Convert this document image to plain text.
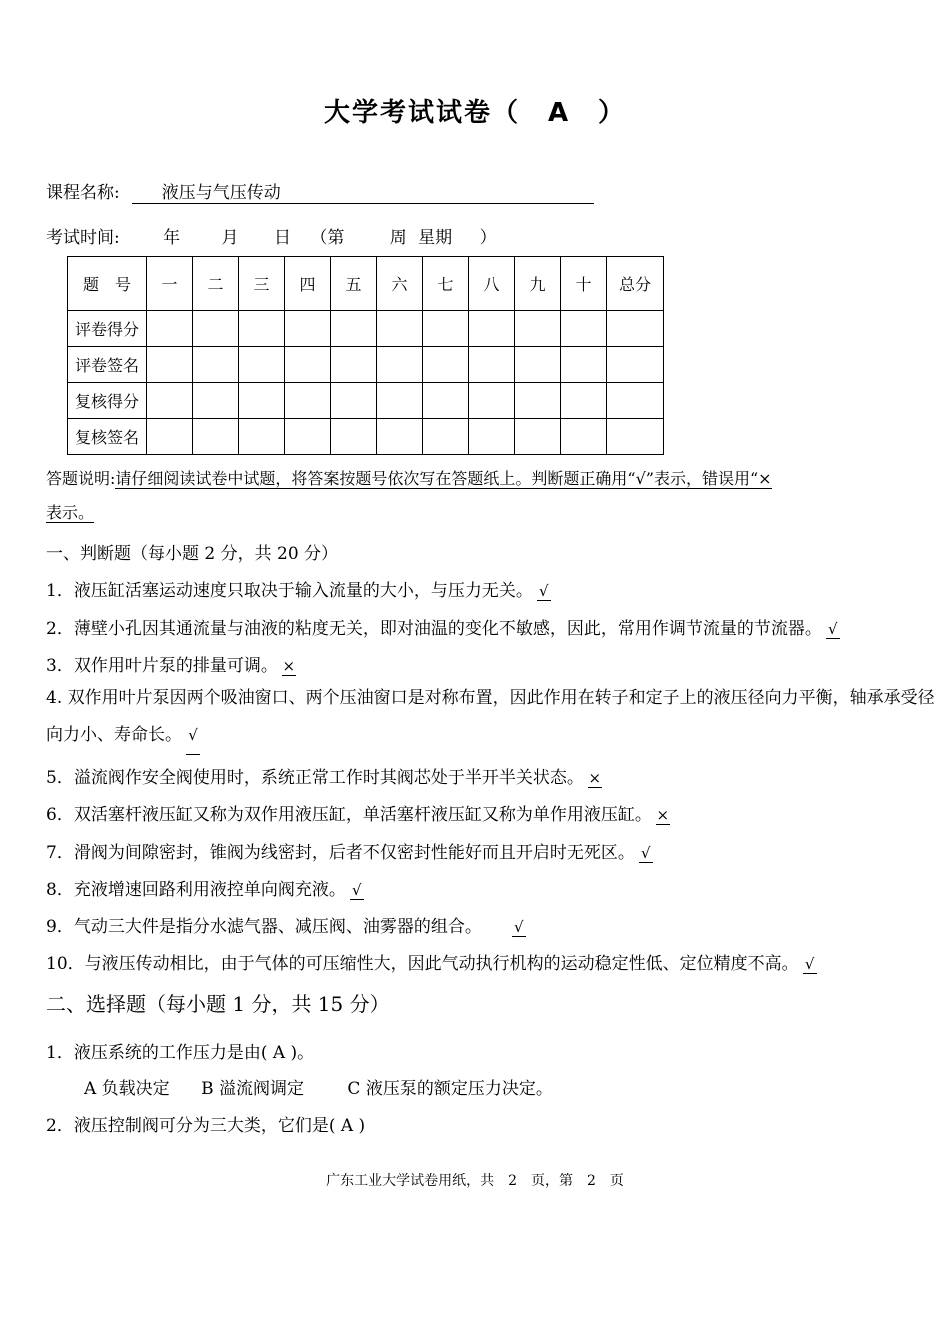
大学考试试卷（　A　）
课程名称: 液压与气压传动
考试时间:	年 月 日 （第	周 星期 ）
题　号	一	二	三	四	五	六	七	八	九	十	总分
评卷得分											
评卷签名											
复核得分											
复核签名											
答题说明:请仔细阅读试卷中试题，将答案按题号依次写在答题纸上。判断题正确用“√”表示，错误用“×
表示。
一、判断题（每小题 2 分，共 20 分）
1．液压缸活塞运动速度只取决于输入流量的大小，与压力无关。 √
2．薄壁小孔因其通流量与油液的粘度无关，即对油温的变化不敏感，因此，常用作调节流量的节流器。 √
3．双作用叶片泵的排量可调。 ×
4. 双作用叶片泵因两个吸油窗口、两个压油窗口是对称布置，因此作用在转子和定子上的液压径向力平衡，轴承承受径向力小、寿命长。 √
5．溢流阀作安全阀使用时，系统正常工作时其阀芯处于半开半关状态。 ×
6．双活塞杆液压缸又称为双作用液压缸，单活塞杆液压缸又称为单作用液压缸。 ×
7．滑阀为间隙密封，锥阀为线密封，后者不仅密封性能好而且开启时无死区。 √
8．充液增速回路利用液控单向阀充液。 √
9．气动三大件是指分水滤气器、减压阀、油雾器的组合。 √
10．与液压传动相比，由于气体的可压缩性大，因此气动执行机构的运动稳定性低、定位精度不高。 √
二、选择题（每小题 1 分，共 15 分）
1．液压系统的工作压力是由( A )。
A 负载决定 B 溢流阀调定	C 液压泵的额定压力决定。
2．液压控制阀可分为三大类，它们是( A )
广东工业大学试卷用纸，共　2　页，第　2　页
